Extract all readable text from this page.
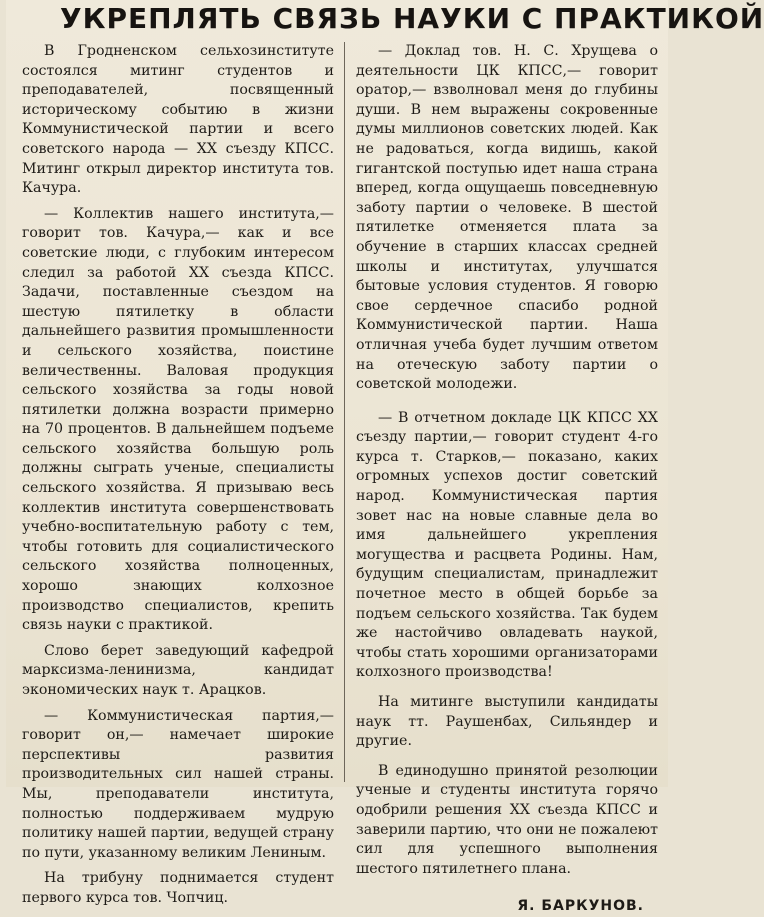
УКРЕПЛЯТЬ СВЯЗЬ НАУКИ С ПРАКТИКОЙ

В Гродненском сельхозинституте состоялся митинг студентов и преподавателей, посвященный историческому событию в жизни Коммунистической партии и всего советского народа — XX съезду КПСС. Митинг открыл директор института тов. Качура.

— Коллектив нашего института,— говорит тов. Качура,— как и все советские люди, с глубоким интересом следил за работой XX съезда КПСС. Задачи, поставленные съездом на шестую пятилетку в области дальнейшего развития промышленности и сельского хозяйства, поистине величественны. Валовая продукция сельского хозяйства за годы новой пятилетки должна возрасти примерно на 70 процентов. В дальнейшем подъеме сельского хозяйства большую роль должны сыграть ученые, специалисты сельского хозяйства. Я призываю весь коллектив института совершенствовать учебно-воспитательную работу с тем, чтобы готовить для социалистического сельского хозяйства полноценных, хорошо знающих колхозное производство специалистов, крепить связь науки с практикой.

Слово берет заведующий кафедрой марксизма-ленинизма, кандидат экономических наук т. Арацков.

— Коммунистическая партия,— говорит он,— намечает широкие перспективы развития производительных сил нашей страны. Мы, преподаватели института, полностью поддерживаем мудрую политику нашей партии, ведущей страну по пути, указанному великим Лениным.

На трибуну поднимается студент первого курса тов. Чопчиц.

— Доклад тов. Н. С. Хрущева о деятельности ЦК КПСС,— говорит оратор,— взволновал меня до глубины души. В нем выражены сокровенные думы миллионов советских людей. Как не радоваться, когда видишь, какой гигантской поступью идет наша страна вперед, когда ощущаешь повседневную заботу партии о человеке. В шестой пятилетке отменяется плата за обучение в старших классах средней школы и институтах, улучшатся бытовые условия студентов. Я говорю свое сердечное спасибо родной Коммунистической партии. Наша отличная учеба будет лучшим ответом на отеческую заботу партии о советской молодежи.

— В отчетном докладе ЦК КПСС XX съезду партии,— говорит студент 4-го курса т. Старков,— показано, каких огромных успехов достиг советский народ. Коммунистическая партия зовет нас на новые славные дела во имя дальнейшего укрепления могущества и расцвета Родины. Нам, будущим специалистам, принадлежит почетное место в общей борьбе за подъем сельского хозяйства. Так будем же настойчиво овладевать наукой, чтобы стать хорошими организаторами колхозного производства!

На митинге выступили кандидаты наук тт. Раушенбах, Сильяндер и другие.

В единодушно принятой резолюции ученые и студенты института горячо одобрили решения XX съезда КПСС и заверили партию, что они не пожалеют сил для успешного выполнения шестого пятилетнего плана.

Я. БАРКУНОВ.
